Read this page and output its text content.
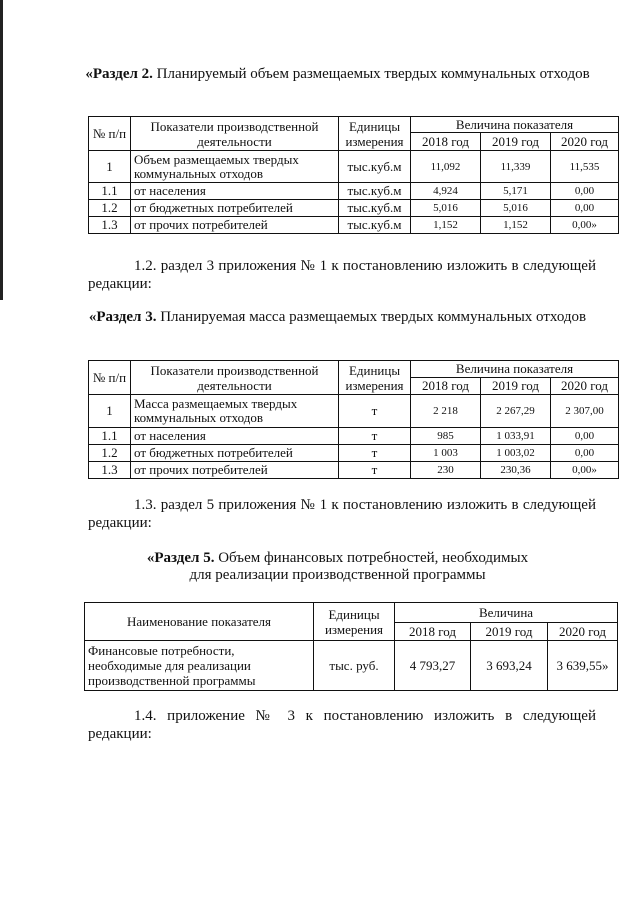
«Раздел 2. Планируемый объем размещаемых твердых коммунальных отходов
№ п/п	Показатели производственной деятельности	Единицы измерения	Величина показателя		
			2018 год	2019 год	2020 год
1	Объем размещаемых твердых коммунальных отходов	тыс.куб.м	11,092	11,339	11,535
1.1	от населения	тыс.куб.м	4,924	5,171	0,00
1.2	от бюджетных потребителей	тыс.куб.м	5,016	5,016	0,00
1.3	от прочих потребителей	тыс.куб.м	1,152	1,152	0,00»
1.2. раздел 3 приложения № 1 к постановлению изложить в следующей редакции:
«Раздел 3. Планируемая масса размещаемых твердых коммунальных отходов
№ п/п	Показатели производственной деятельности	Единицы измерения	Величина показателя		
			2018 год	2019 год	2020 год
1	Масса размещаемых твердых коммунальных отходов	т	2 218	2 267,29	2 307,00
1.1	от населения	т	985	1 033,91	0,00
1.2	от бюджетных потребителей	т	1 003	1 003,02	0,00
1.3	от прочих потребителей	т	230	230,36	0,00»
1.3. раздел 5 приложения № 1 к постановлению изложить в следующей редакции:
«Раздел 5. Объем финансовых потребностей, необходимых
для реализации производственной программы
Наименование показателя	Единицы измерения	Величина		
		2018 год	2019 год	2020 год
Финансовые потребности, необходимые для реализации производственной программы	тыс. руб.	4 793,27	3 693,24	3 639,55»
1.4. приложение № 3 к постановлению изложить в следующей редакции:
